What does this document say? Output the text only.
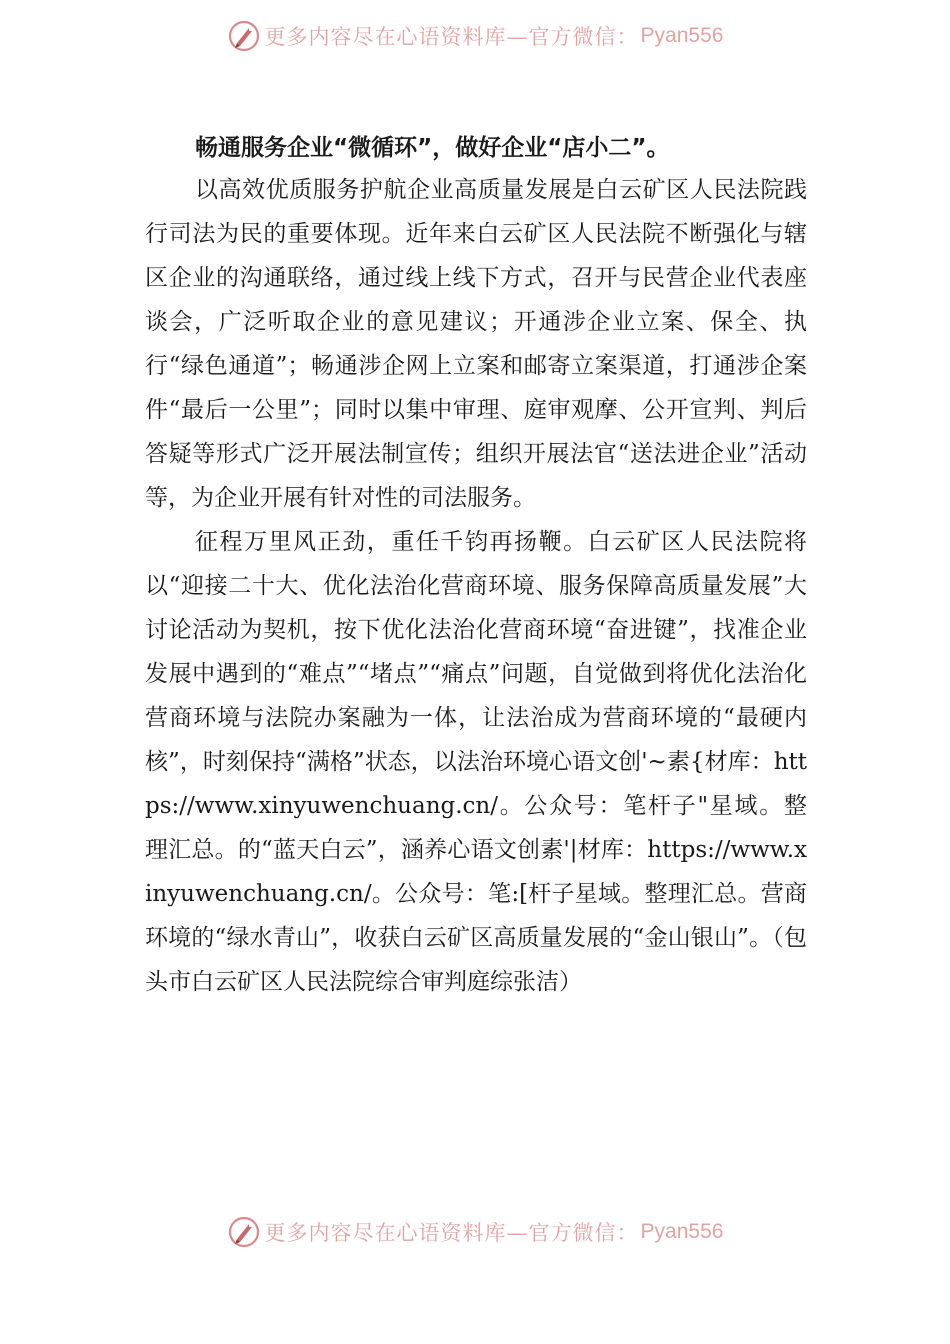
更多内容尽在心语资料库—官方微信： Pyan556

畅通服务企业“微循环”，做好企业“店小二”。

以高效优质服务护航企业高质量发展是白云矿区人民法院践行司法为民的重要体现。近年来白云矿区人民法院不断强化与辖区企业的沟通联络，通过线上线下方式，召开与民营企业代表座谈会，广泛听取企业的意见建议；开通涉企业立案、保全、执行“绿色通道”；畅通涉企网上立案和邮寄立案渠道，打通涉企案件“最后一公里”；同时以集中审理、庭审观摩、公开宣判、判后答疑等形式广泛开展法制宣传；组织开展法官“送法进企业”活动等，为企业开展有针对性的司法服务。

征程万里风正劲，重任千钧再扬鞭。白云矿区人民法院将以“迎接二十大、优化法治化营商环境、服务保障高质量发展”大讨论活动为契机，按下优化法治化营商环境“奋进键”，找准企业发展中遇到的“难点”“堵点”“痛点”问题，自觉做到将优化法治化营商环境与法院办案融为一体，让法治成为营商环境的“最硬内核”，时刻保持“满格”状态，以法治环境心语文创'~素{材库：https://www.xinyuwenchuang.cn/。公众号：笔杆子"星域。整理汇总。的“蓝天白云”，涵养心语文创素'|材库：https://www.xinyuwenchuang.cn/。公众号：笔:[杆子星域。整理汇总。营商环境的“绿水青山”，收获白云矿区高质量发展的“金山银山”。（包头市白云矿区人民法院综合审判庭综张洁）

更多内容尽在心语资料库—官方微信： Pyan556
